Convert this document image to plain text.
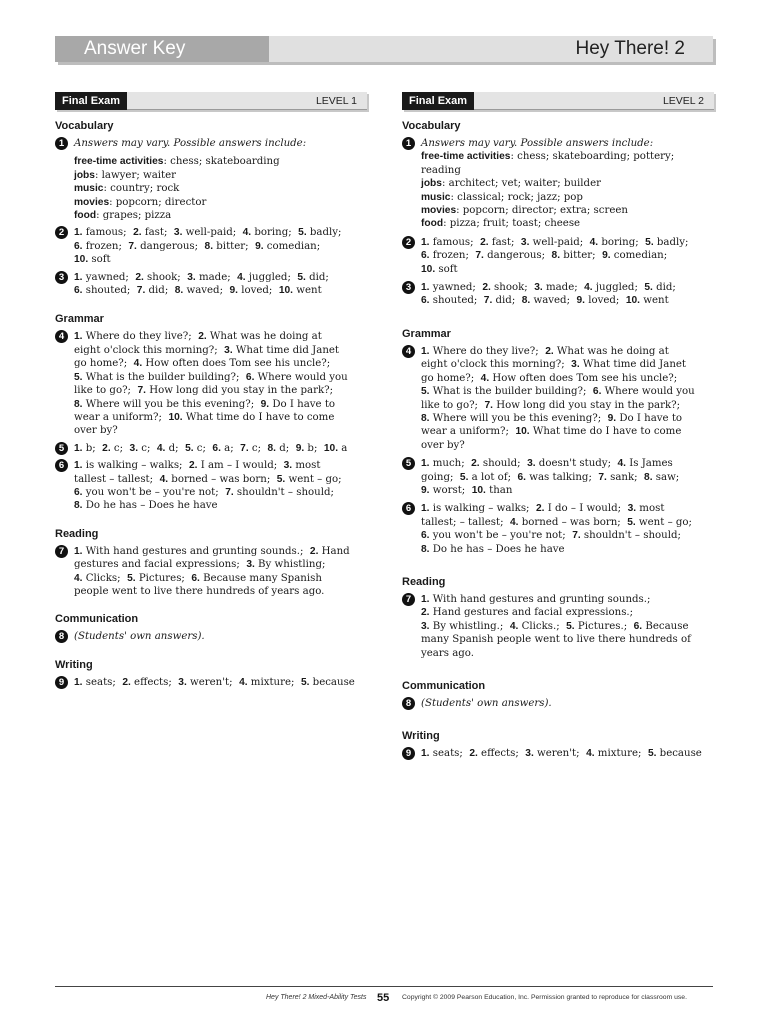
Answer Key	Hey There! 2
Final Exam	LEVEL 1
Vocabulary
1 Answers may vary. Possible answers include:
free-time activities: chess; skateboarding
jobs: lawyer; waiter
music: country; rock
movies: popcorn; director
food: grapes; pizza
2 1. famous;  2. fast;  3. well-paid;  4. boring;  5. badly;
6. frozen;  7. dangerous;  8. bitter;  9. comedian;
10. soft
3 1. yawned;  2. shook;  3. made;  4. juggled;  5. did;
6. shouted;  7. did;  8. waved;  9. loved;  10. went
Grammar
4 1. Where do they live?;  2. What was he doing at
eight o'clock this morning?;  3. What time did Janet
go home?;  4. How often does Tom see his uncle?;
5. What is the builder building?;  6. Where would you
like to go?;  7. How long did you stay in the park?;
8. Where will you be this evening?;  9. Do I have to
wear a uniform?;  10. What time do I have to come
over by?
5 1. b;  2. c;  3. c;  4. d;  5. c;  6. a;  7. c;  8. d;  9. b;  10. a
6 1. is walking – walks;  2. I am – I would;  3. most
tallest – tallest;  4. borned – was born;  5. went – go;
6. you won't be – you're not;  7. shouldn't – should;
8. Do he has – Does he have
Reading
7 1. With hand gestures and grunting sounds.;  2. Hand
gestures and facial expressions;  3. By whistling;
4. Clicks;  5. Pictures;  6. Because many Spanish
people went to live there hundreds of years ago.
Communication
8 (Students' own answers).
Writing
9 1. seats;  2. effects;  3. weren't;  4. mixture;  5. because
Final Exam	LEVEL 2
Vocabulary
1 Answers may vary. Possible answers include:
free-time activities: chess; skateboarding; pottery;
reading
jobs: architect; vet; waiter; builder
music: classical; rock; jazz; pop
movies: popcorn; director; extra; screen
food: pizza; fruit; toast; cheese
2 1. famous;  2. fast;  3. well-paid;  4. boring;  5. badly;
6. frozen;  7. dangerous;  8. bitter;  9. comedian;
10. soft
3 1. yawned;  2. shook;  3. made;  4. juggled;  5. did;
6. shouted;  7. did;  8. waved;  9. loved;  10. went
Grammar
4 1. Where do they live?;  2. What was he doing at
eight o'clock this morning?;  3. What time did Janet
go home?;  4. How often does Tom see his uncle?;
5. What is the builder building?;  6. Where would you
like to go?;  7. How long did you stay in the park?;
8. Where will you be this evening?;  9. Do I have to
wear a uniform?;  10. What time do I have to come
over by?
5 1. much;  2. should;  3. doesn't study;  4. Is James
going;  5. a lot of;  6. was talking;  7. sank;  8. saw;
9. worst;  10. than
6 1. is walking – walks;  2. I do – I would;  3. most
tallest; – tallest;  4. borned – was born;  5. went – go;
6. you won't be – you're not;  7. shouldn't – should;
8. Do he has – Does he have
Reading
7 1. With hand gestures and grunting sounds.;
2. Hand gestures and facial expressions.;
3. By whistling.;  4. Clicks.;  5. Pictures.;  6. Because
many Spanish people went to live there hundreds of
years ago.
Communication
8 (Students' own answers).
Writing
9 1. seats;  2. effects;  3. weren't;  4. mixture;  5. because
Hey There! 2 Mixed-Ability Tests 55 Copyright © 2009 Pearson Education, Inc. Permission granted to reproduce for classroom use.
